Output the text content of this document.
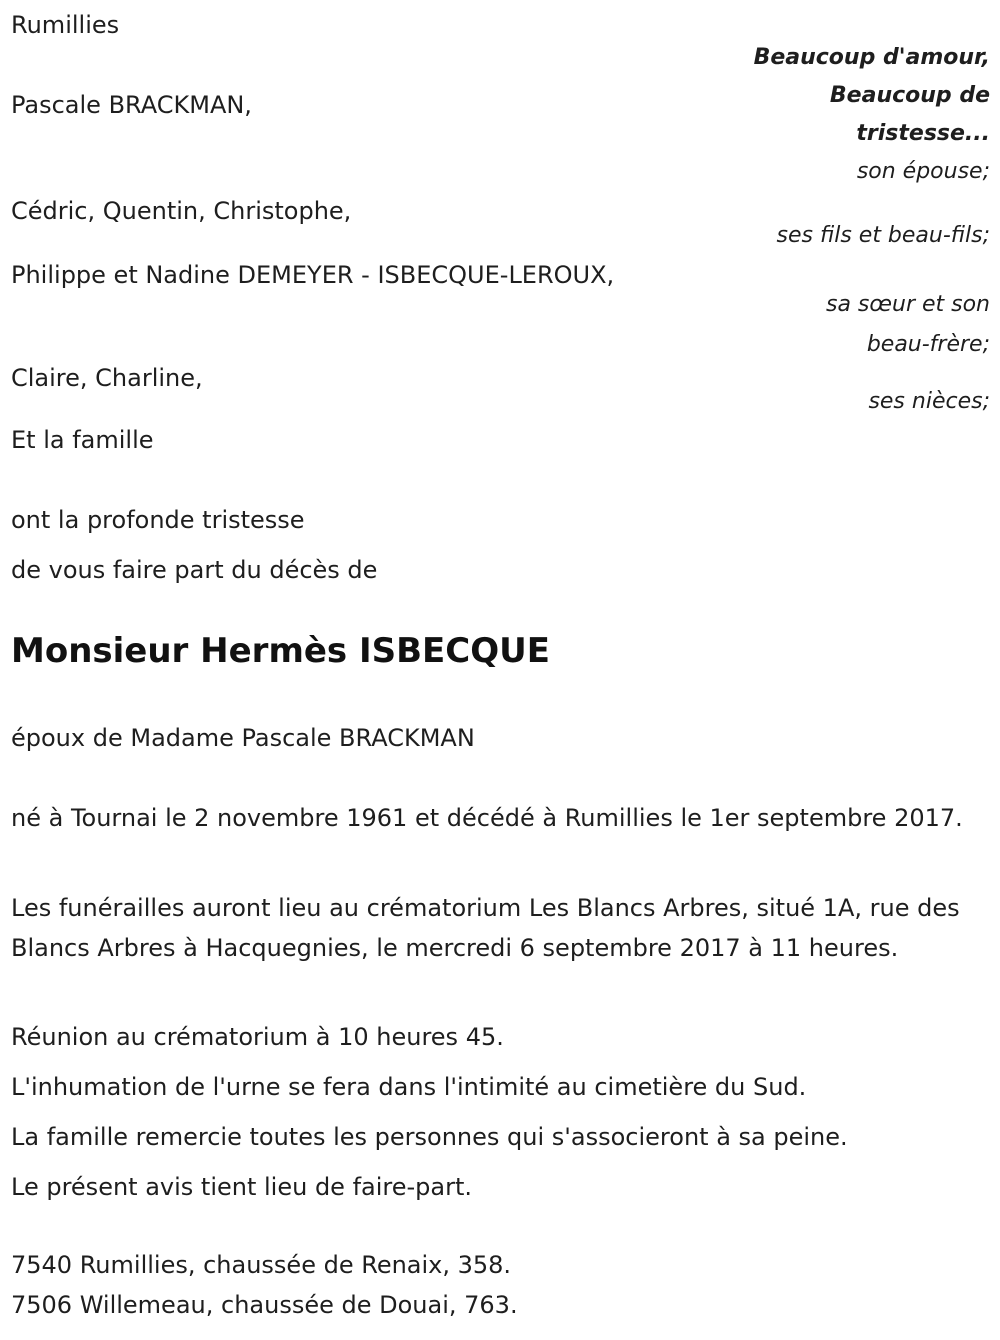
Rumillies
Beaucoup d'amour,
Beaucoup de
tristesse...
Pascale BRACKMAN,
son épouse;
Cédric, Quentin, Christophe,
ses fils et beau-fils;
Philippe et Nadine DEMEYER - ISBECQUE-LEROUX,
sa sœur et son
beau-frère;
Claire, Charline,
ses nièces;
Et la famille
ont la profonde tristesse
de vous faire part du décès de
Monsieur Hermès ISBECQUE
époux de Madame Pascale BRACKMAN
né à Tournai le 2 novembre 1961 et décédé à Rumillies le 1er septembre 2017.
Les funérailles auront lieu au crématorium Les Blancs Arbres, situé 1A, rue des Blancs Arbres à Hacquegnies, le mercredi 6 septembre 2017 à 11 heures.
Réunion au crématorium à 10 heures 45.
L'inhumation de l'urne se fera dans l'intimité au cimetière du Sud.
La famille remercie toutes les personnes qui s'associeront à sa peine.
Le présent avis tient lieu de faire-part.
7540 Rumillies, chaussée de Renaix, 358.
7506 Willemeau, chaussée de Douai, 763.
